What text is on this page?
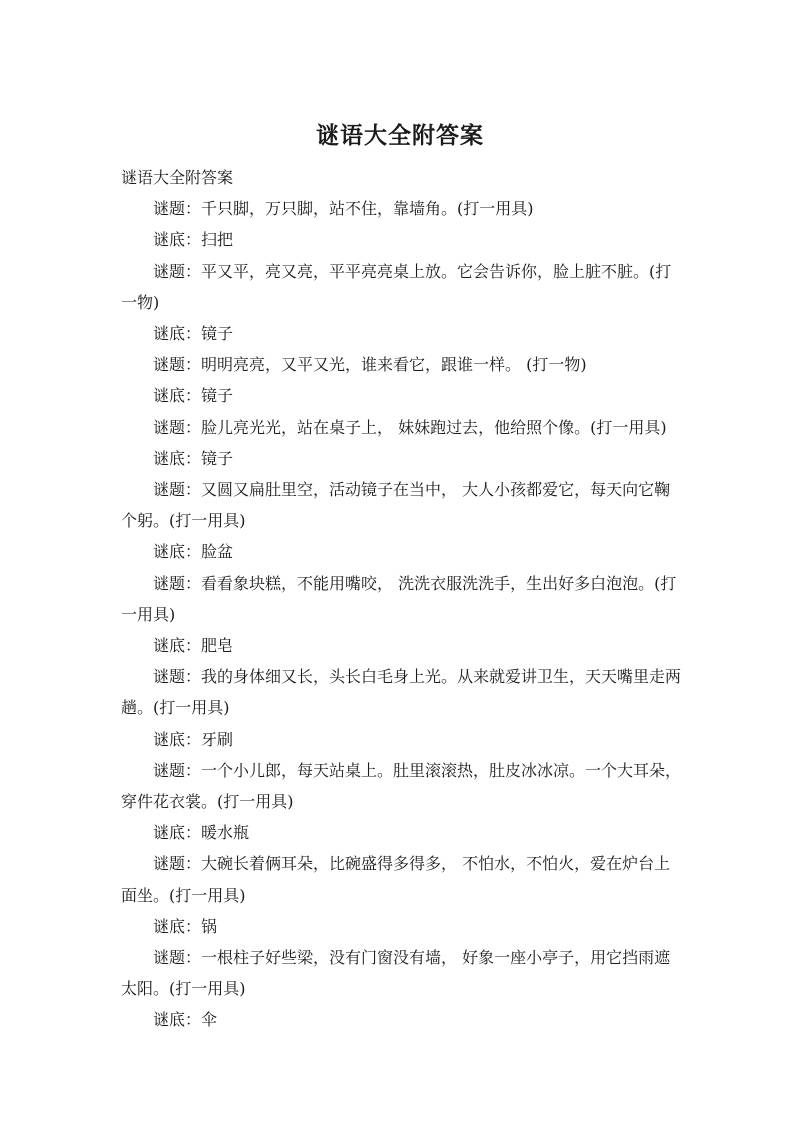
谜语大全附答案

谜语大全附答案

谜题：千只脚，万只脚，站不住，靠墙角。(打一用具)

谜底：扫把

谜题：平又平，亮又亮，平平亮亮桌上放。它会告诉你，脸上脏不脏。(打一物)

谜底：镜子

谜题：明明亮亮，又平又光，谁来看它，跟谁一样。 (打一物)

谜底：镜子

谜题：脸儿亮光光，站在桌子上， 妹妹跑过去，他给照个像。(打一用具)

谜底：镜子

谜题：又圆又扁肚里空，活动镜子在当中， 大人小孩都爱它，每天向它鞠个躬。(打一用具)

谜底：脸盆

谜题：看看象块糕，不能用嘴咬， 洗洗衣服洗洗手，生出好多白泡泡。(打一用具)

谜底：肥皂

谜题：我的身体细又长，头长白毛身上光。从来就爱讲卫生，天天嘴里走两趟。(打一用具)

谜底：牙刷

谜题：一个小儿郎，每天站桌上。肚里滚滚热，肚皮冰冰凉。一个大耳朵，穿件花衣裳。(打一用具)

谜底：暖水瓶

谜题：大碗长着俩耳朵，比碗盛得多得多， 不怕水，不怕火，爱在炉台上面坐。(打一用具)

谜底：锅

谜题：一根柱子好些梁，没有门窗没有墙， 好象一座小亭子，用它挡雨遮太阳。(打一用具)

谜底：伞
